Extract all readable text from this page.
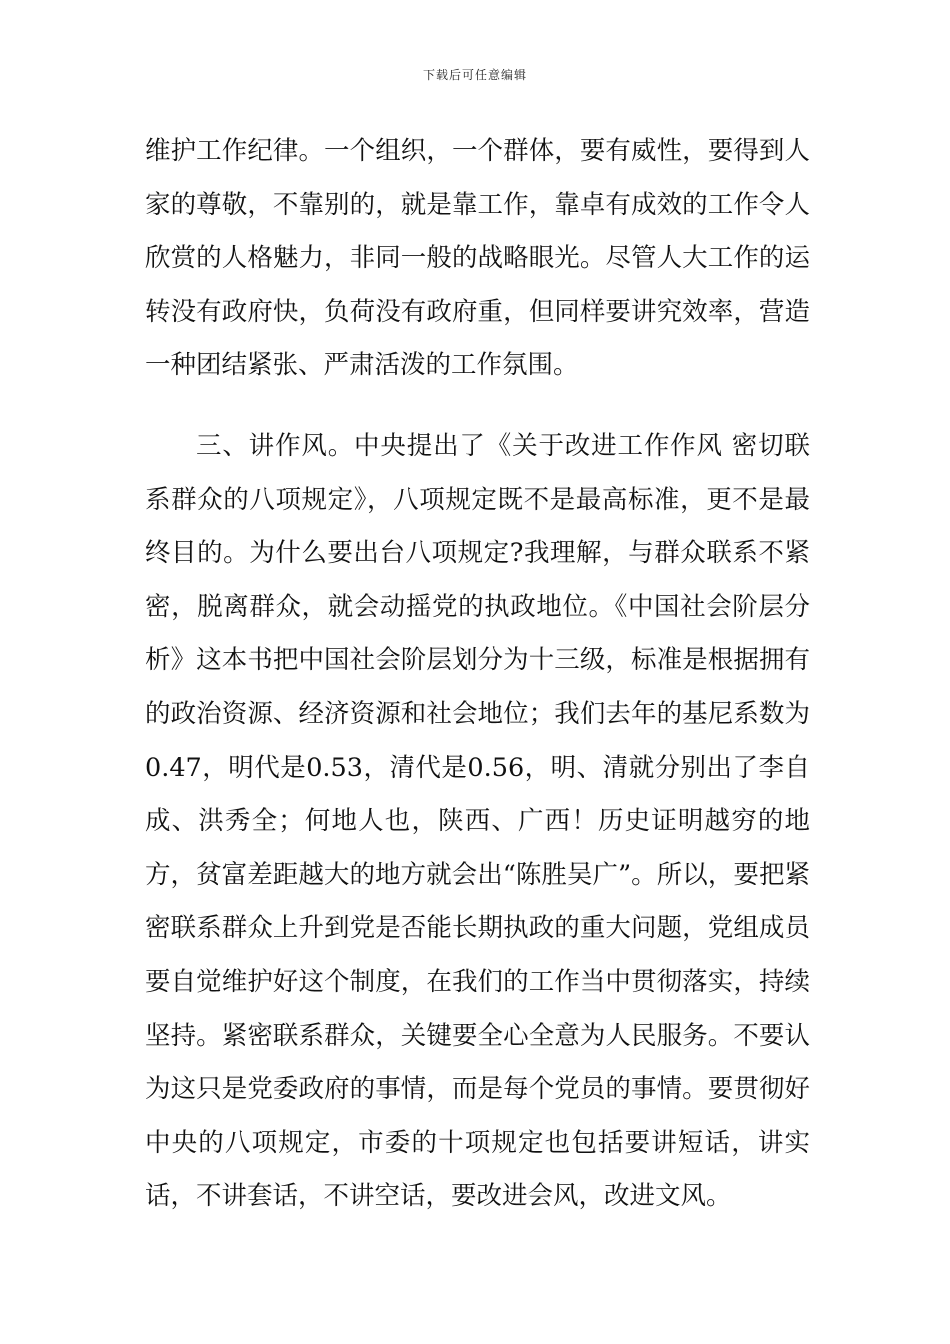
下载后可任意编辑

维护工作纪律。一个组织，一个群体，要有威性，要得到人家的尊敬，不靠别的，就是靠工作，靠卓有成效的工作令人欣赏的人格魅力，非同一般的战略眼光。尽管人大工作的运转没有政府快，负荷没有政府重，但同样要讲究效率，营造一种团结紧张、严肃活泼的工作氛围。

三、讲作风。中央提出了《关于改进工作作风 密切联系群众的八项规定》，八项规定既不是最高标准，更不是最终目的。为什么要出台八项规定?我理解，与群众联系不紧密，脱离群众，就会动摇党的执政地位。《中国社会阶层分析》这本书把中国社会阶层划分为十三级，标准是根据拥有的政治资源、经济资源和社会地位；我们去年的基尼系数为0.47，明代是0.53，清代是0.56，明、清就分别出了李自成、洪秀全；何地人也，陕西、广西！历史证明越穷的地方，贫富差距越大的地方就会出“陈胜吴广”。所以，要把紧密联系群众上升到党是否能长期执政的重大问题，党组成员要自觉维护好这个制度，在我们的工作当中贯彻落实，持续坚持。紧密联系群众，关键要全心全意为人民服务。不要认为这只是党委政府的事情，而是每个党员的事情。要贯彻好中央的八项规定，市委的十项规定也包括要讲短话，讲实话，不讲套话，不讲空话，要改进会风，改进文风。
